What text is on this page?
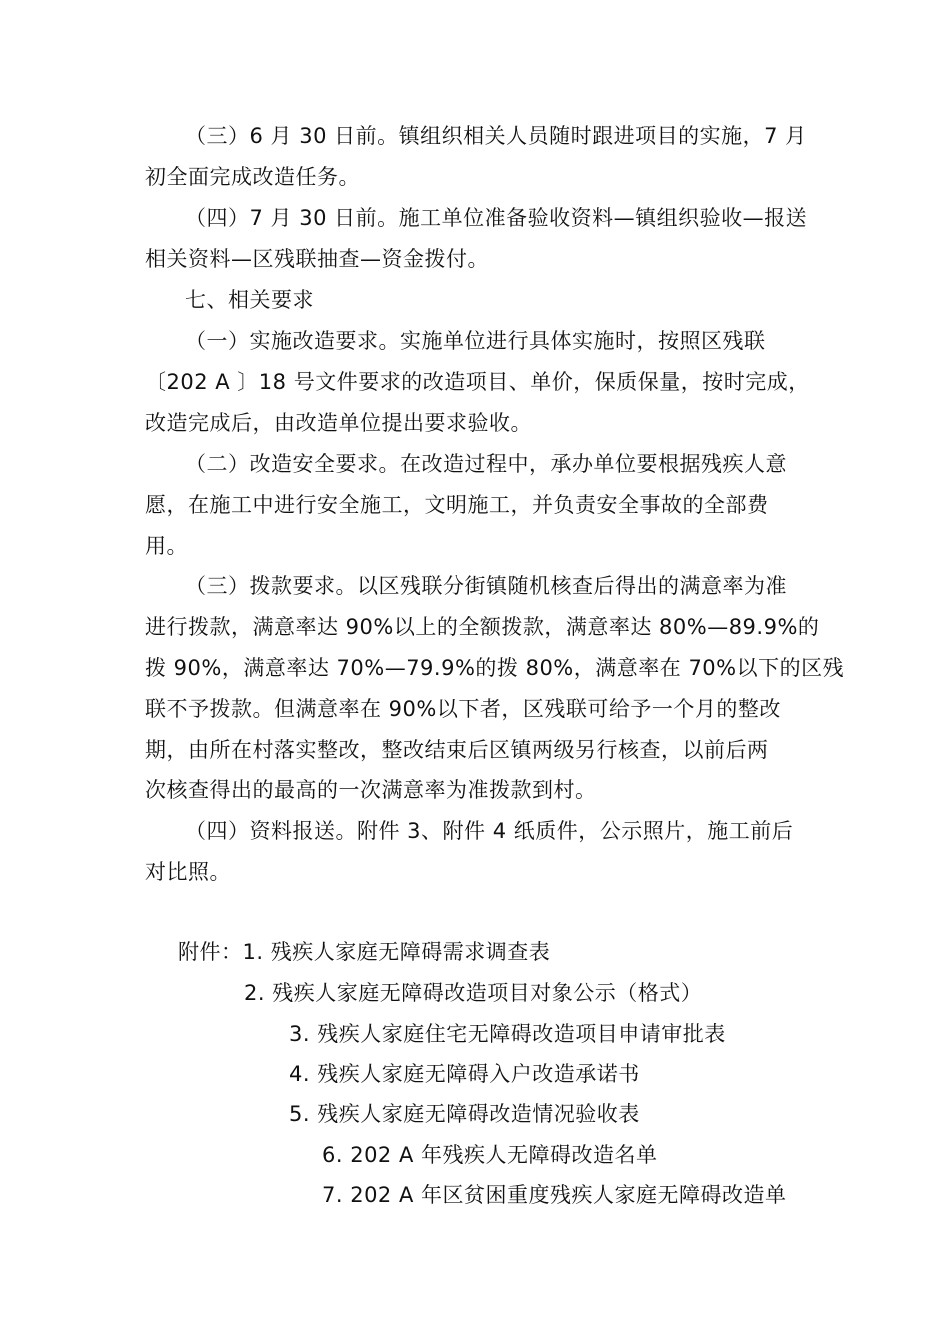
（三）6 月 30 日前。镇组织相关人员随时跟进项目的实施，7 月
初全面完成改造任务。
（四）7 月 30 日前。施工单位准备验收资料—镇组织验收—报送
相关资料—区残联抽查—资金拨付。
七、相关要求
（一）实施改造要求。实施单位进行具体实施时，按照区残联
〔202 A 〕18 号文件要求的改造项目、单价，保质保量，按时完成，
改造完成后，由改造单位提出要求验收。
（二）改造安全要求。在改造过程中，承办单位要根据残疾人意
愿，在施工中进行安全施工，文明施工，并负责安全事故的全部费
用。
（三）拨款要求。以区残联分街镇随机核查后得出的满意率为准
进行拨款，满意率达 90%以上的全额拨款，满意率达 80%—89.9%的
拨 90%，满意率达 70%—79.9%的拨 80%，满意率在 70%以下的区残
联不予拨款。但满意率在 90%以下者，区残联可给予一个月的整改
期，由所在村落实整改，整改结束后区镇两级另行核查，以前后两
次核查得出的最高的一次满意率为准拨款到村。
（四）资料报送。附件 3、附件 4 纸质件，公示照片，施工前后
对比照。
附件：1. 残疾人家庭无障碍需求调查表
2. 残疾人家庭无障碍改造项目对象公示（格式）
3. 残疾人家庭住宅无障碍改造项目申请审批表
4. 残疾人家庭无障碍入户改造承诺书
5. 残疾人家庭无障碍改造情况验收表
6. 202 A 年残疾人无障碍改造名单
7. 202 A 年区贫困重度残疾人家庭无障碍改造单
